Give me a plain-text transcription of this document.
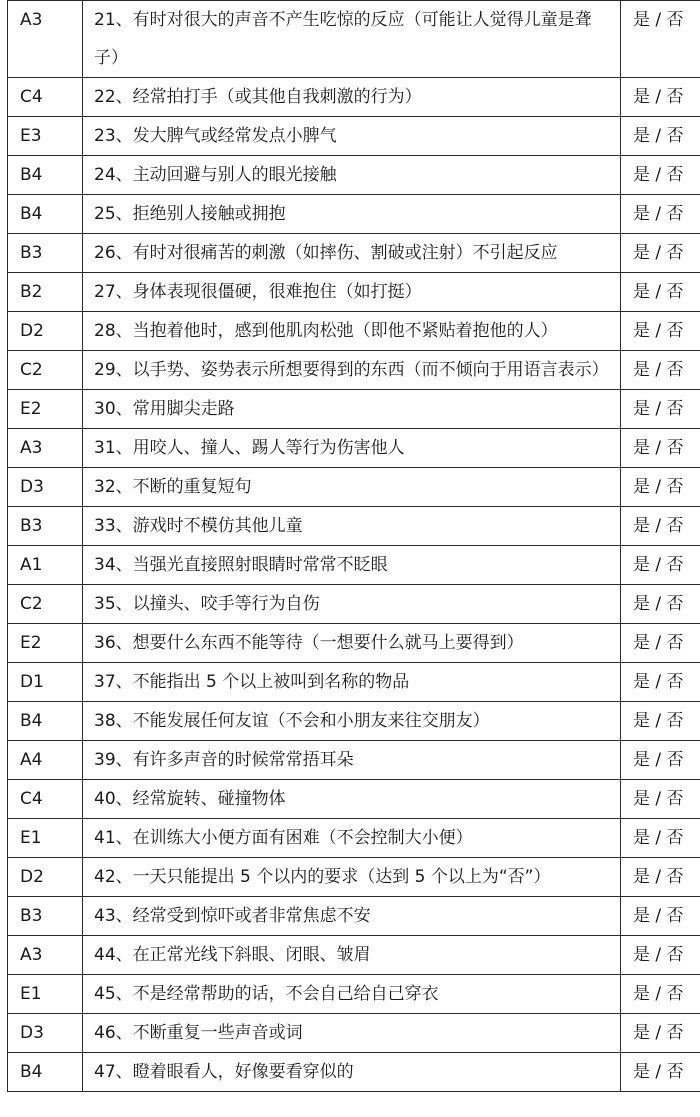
A3	21、有时对很大的声音不产生吃惊的反应（可能让人觉得儿童是聋子）	是 / 否

C4	22、经常拍打手（或其他自我刺激的行为）	是 / 否

E3	23、发大脾气或经常发点小脾气	是 / 否

B4	24、主动回避与别人的眼光接触	是 / 否

B4	25、拒绝别人接触或拥抱	是 / 否

B3	26、有时对很痛苦的刺激（如摔伤、割破或注射）不引起反应	是 / 否

B2	27、身体表现很僵硬，很难抱住（如打挺）	是 / 否

D2	28、当抱着他时，感到他肌肉松弛（即他不紧贴着抱他的人）	是 / 否

C2	29、以手势、姿势表示所想要得到的东西（而不倾向于用语言表示）	是 / 否

E2	30、常用脚尖走路	是 / 否

A3	31、用咬人、撞人、踢人等行为伤害他人	是 / 否

D3	32、不断的重复短句	是 / 否

B3	33、游戏时不模仿其他儿童	是 / 否

A1	34、当强光直接照射眼睛时常常不眨眼	是 / 否

C2	35、以撞头、咬手等行为自伤	是 / 否

E2	36、想要什么东西不能等待（一想要什么就马上要得到）	是 / 否

D1	37、不能指出 5 个以上被叫到名称的物品	是 / 否

B4	38、不能发展任何友谊（不会和小朋友来往交朋友）	是 / 否

A4	39、有许多声音的时候常常捂耳朵	是 / 否

C4	40、经常旋转、碰撞物体	是 / 否

E1	41、在训练大小便方面有困难（不会控制大小便）	是 / 否

D2	42、一天只能提出 5 个以内的要求（达到 5 个以上为“否”）	是 / 否

B3	43、经常受到惊吓或者非常焦虑不安	是 / 否

A3	44、在正常光线下斜眼、闭眼、皱眉	是 / 否

E1	45、不是经常帮助的话，不会自己给自己穿衣	是 / 否

D3	46、不断重复一些声音或词	是 / 否

B4	47、瞪着眼看人，好像要看穿似的	是 / 否
